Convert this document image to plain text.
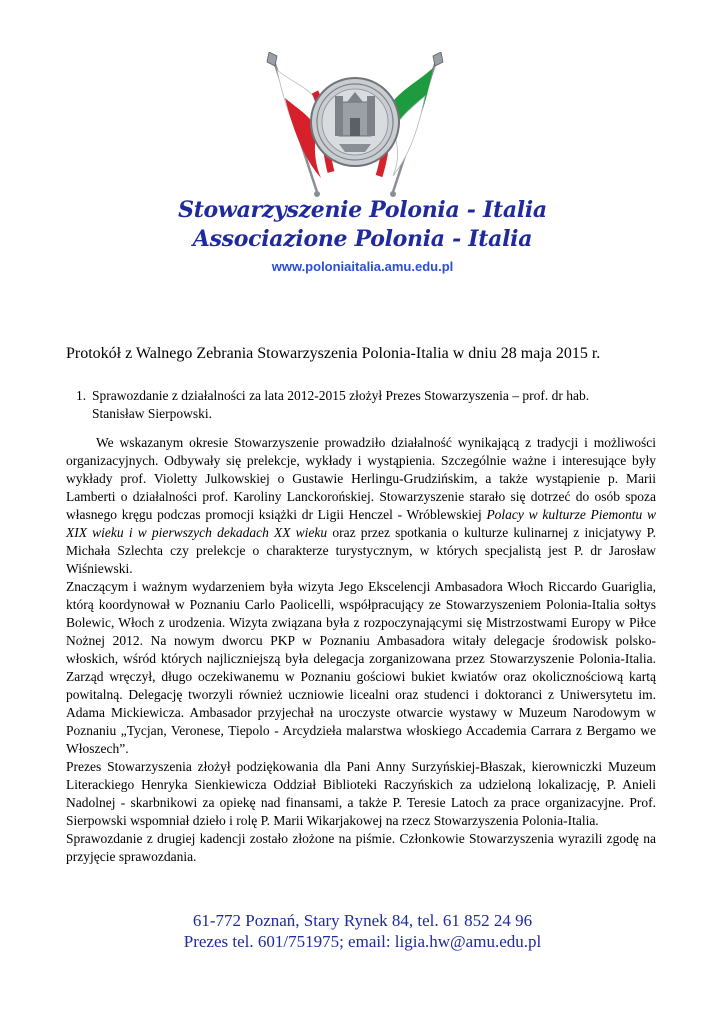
Stowarzyszenie Polonia - Italia
Associazione Polonia - Italia
www.poloniaitalia.amu.edu.pl
Protokół z Walnego Zebrania Stowarzyszenia Polonia-Italia w dniu 28 maja 2015 r.
1. Sprawozdanie z działalności za lata 2012-2015 złożył Prezes Stowarzyszenia – prof. dr hab. Stanisław Sierpowski.

We wskazanym okresie Stowarzyszenie prowadziło działalność wynikającą z tradycji i możliwości organizacyjnych. Odbywały się prelekcje, wykłady i wystąpienia. Szczególnie ważne i interesujące były wykłady prof. Violetty Julkowskiej o Gustawie Herlingu-Grudzińskim, a także wystąpienie p. Marii Lamberti o działalności prof. Karoliny Lanckorońskiej. Stowarzyszenie starało się dotrzeć do osób spoza własnego kręgu podczas promocji książki dr Ligii Henczel - Wróblewskiej Polacy w kulturze Piemontu w XIX wieku i w pierwszych dekadach XX wieku oraz przez spotkania o kulturze kulinarnej z inicjatywy P. Michała Szlechta czy prelekcje o charakterze turystycznym, w których specjalistą jest P. dr Jarosław Wiśniewski.

Znaczącym i ważnym wydarzeniem była wizyta Jego Ekscelencji Ambasadora Włoch Riccardo Guariglia, którą koordynował w Poznaniu Carlo Paolicelli, współpracujący ze Stowarzyszeniem Polonia-Italia sołtys Bolewic, Włoch z urodzenia. Wizyta związana była z rozpoczynającymi się Mistrzostwami Europy w Piłce Nożnej 2012. Na nowym dworcu PKP w Poznaniu Ambasadora witały delegacje środowisk polsko-włoskich, wśród których najliczniejszą była delegacja zorganizowana przez Stowarzyszenie Polonia-Italia. Zarząd wręczył, długo oczekiwanemu w Poznaniu gościowi bukiet kwiatów oraz okolicznościową kartą powitalną. Delegację tworzyli również uczniowie licealni oraz studenci i doktoranci z Uniwersytetu im. Adama Mickiewicza. Ambasador przyjechał na uroczyste otwarcie wystawy w Muzeum Narodowym w Poznaniu „Tycjan, Veronese, Tiepolo - Arcydzieła malarstwa włoskiego Accademia Carrara z Bergamo we Włoszech”.

Prezes Stowarzyszenia złożył podziękowania dla Pani Anny Surzyńskiej-Błaszak, kierowniczki Muzeum Literackiego Henryka Sienkiewicza Oddział Biblioteki Raczyńskich za udzieloną lokalizację, P. Anieli Nadolnej - skarbnikowi za opiekę nad finansami, a także P. Teresie Latoch za prace organizacyjne. Prof. Sierpowski wspomniał dzieło i rolę P. Marii Wikarjakowej na rzecz Stowarzyszenia Polonia-Italia.

Sprawozdanie z drugiej kadencji zostało złożone na piśmie. Członkowie Stowarzyszenia wyrazili zgodę na przyjęcie sprawozdania.

61-772 Poznań, Stary Rynek 84, tel. 61 852 24 96
Prezes tel. 601/751975; email: ligia.hw@amu.edu.pl
